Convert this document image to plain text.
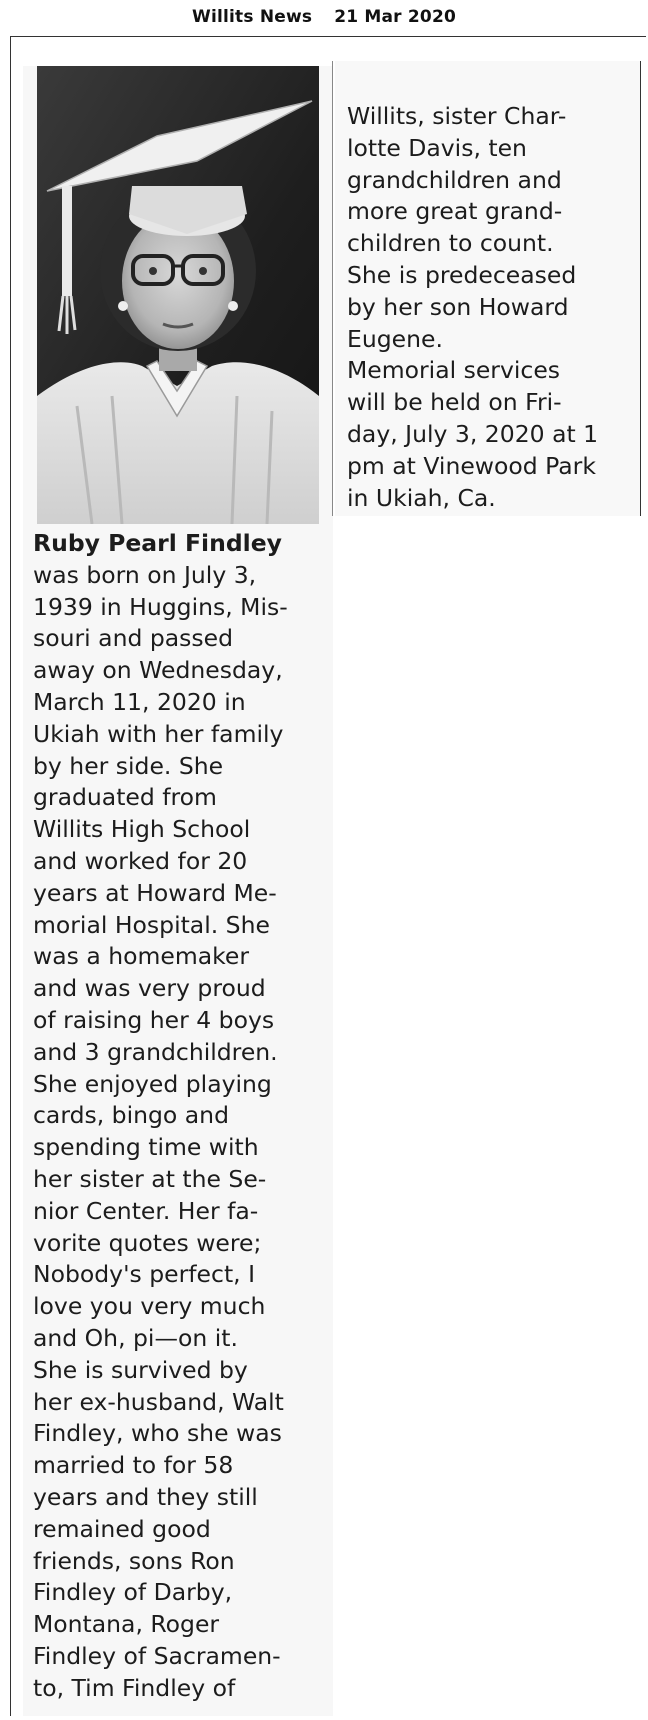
Willits News 21 Mar 2020

Ruby Pearl Findley
was born on July 3,
1939 in Huggins, Mis-
souri and passed
away on Wednesday,
March 11, 2020 in
Ukiah with her family
by her side. She
graduated from
Willits High School
and worked for 20
years at Howard Me-
morial Hospital. She
was a homemaker
and was very proud
of raising her 4 boys
and 3 grandchildren.
She enjoyed playing
cards, bingo and
spending time with
her sister at the Se-
nior Center. Her fa-
vorite quotes were;
Nobody's perfect, I
love you very much
and Oh, pi—on it.
She is survived by
her ex-husband, Walt
Findley, who she was
married to for 58
years and they still
remained good
friends, sons Ron
Findley of Darby,
Montana, Roger
Findley of Sacramen-
to, Tim Findley of

Willits, sister Char-
lotte Davis, ten
grandchildren and
more great grand-
children to count.
She is predeceased
by her son Howard
Eugene.
Memorial services
will be held on Fri-
day, July 3, 2020 at 1
pm at Vinewood Park
in Ukiah, Ca.
